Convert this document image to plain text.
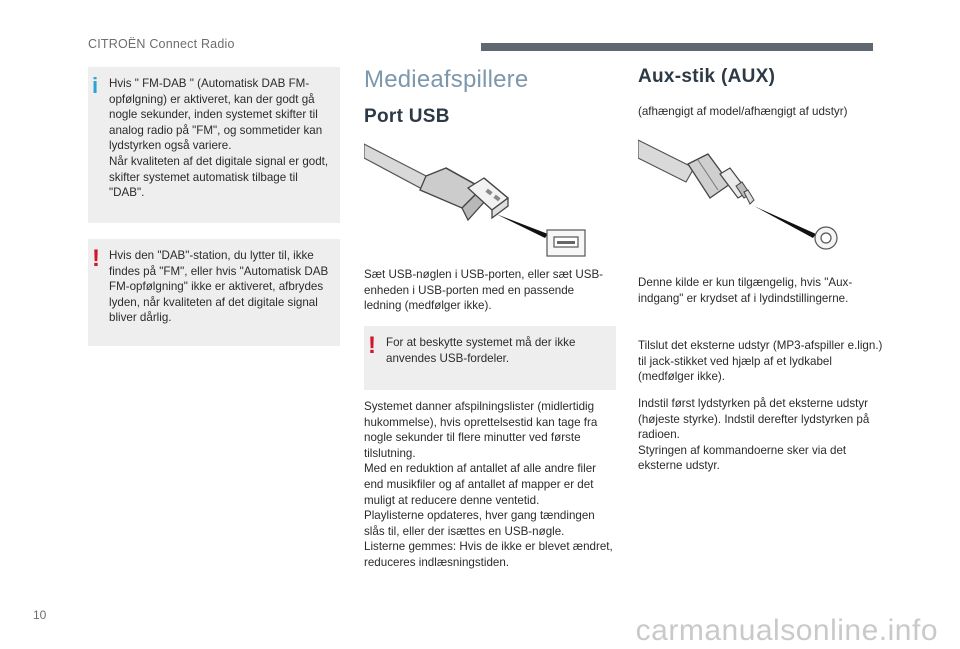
CITROËN Connect Radio
i Hvis " FM-DAB " (Automatisk DAB FM-opfølgning) er aktiveret, kan der godt gå nogle sekunder, inden systemet skifter til analog radio på "FM", og sommetider kan lydstyrken også variere.
Når kvaliteten af det digitale signal er godt, skifter systemet automatisk tilbage til "DAB".

! Hvis den "DAB"-station, du lytter til, ikke findes på "FM", eller hvis "Automatisk DAB FM-opfølgning" ikke er aktiveret, afbrydes lyden, når kvaliteten af det digitale signal bliver dårlig.

Medieafspillere
Port USB

Sæt USB-nøglen i USB-porten, eller sæt USB-enheden i USB-porten med en passende ledning (medfølger ikke).

! For at beskytte systemet må der ikke anvendes USB-fordeler.

Systemet danner afspilningslister (midlertidig hukommelse), hvis oprettelsestid kan tage fra nogle sekunder til flere minutter ved første tilslutning.
Med en reduktion af antallet af alle andre filer end musikfiler og af antallet af mapper er det muligt at reducere denne ventetid.
Playlisterne opdateres, hver gang tændingen slås til, eller der isættes en USB-nøgle.
Listerne gemmes: Hvis de ikke er blevet ændret, reduceres indlæsningstiden.

Aux-stik (AUX)

(afhængigt af model/afhængigt af udstyr)

Denne kilde er kun tilgængelig, hvis "Aux-indgang" er krydset af i lydindstillingerne.

Tilslut det eksterne udstyr (MP3-afspiller e.lign.) til jack-stikket ved hjælp af et lydkabel (medfølger ikke).

Indstil først lydstyrken på det eksterne udstyr (højeste styrke). Indstil derefter lydstyrken på radioen.
Styringen af kommandoerne sker via det eksterne udstyr.

10	carmanualsonline.info
